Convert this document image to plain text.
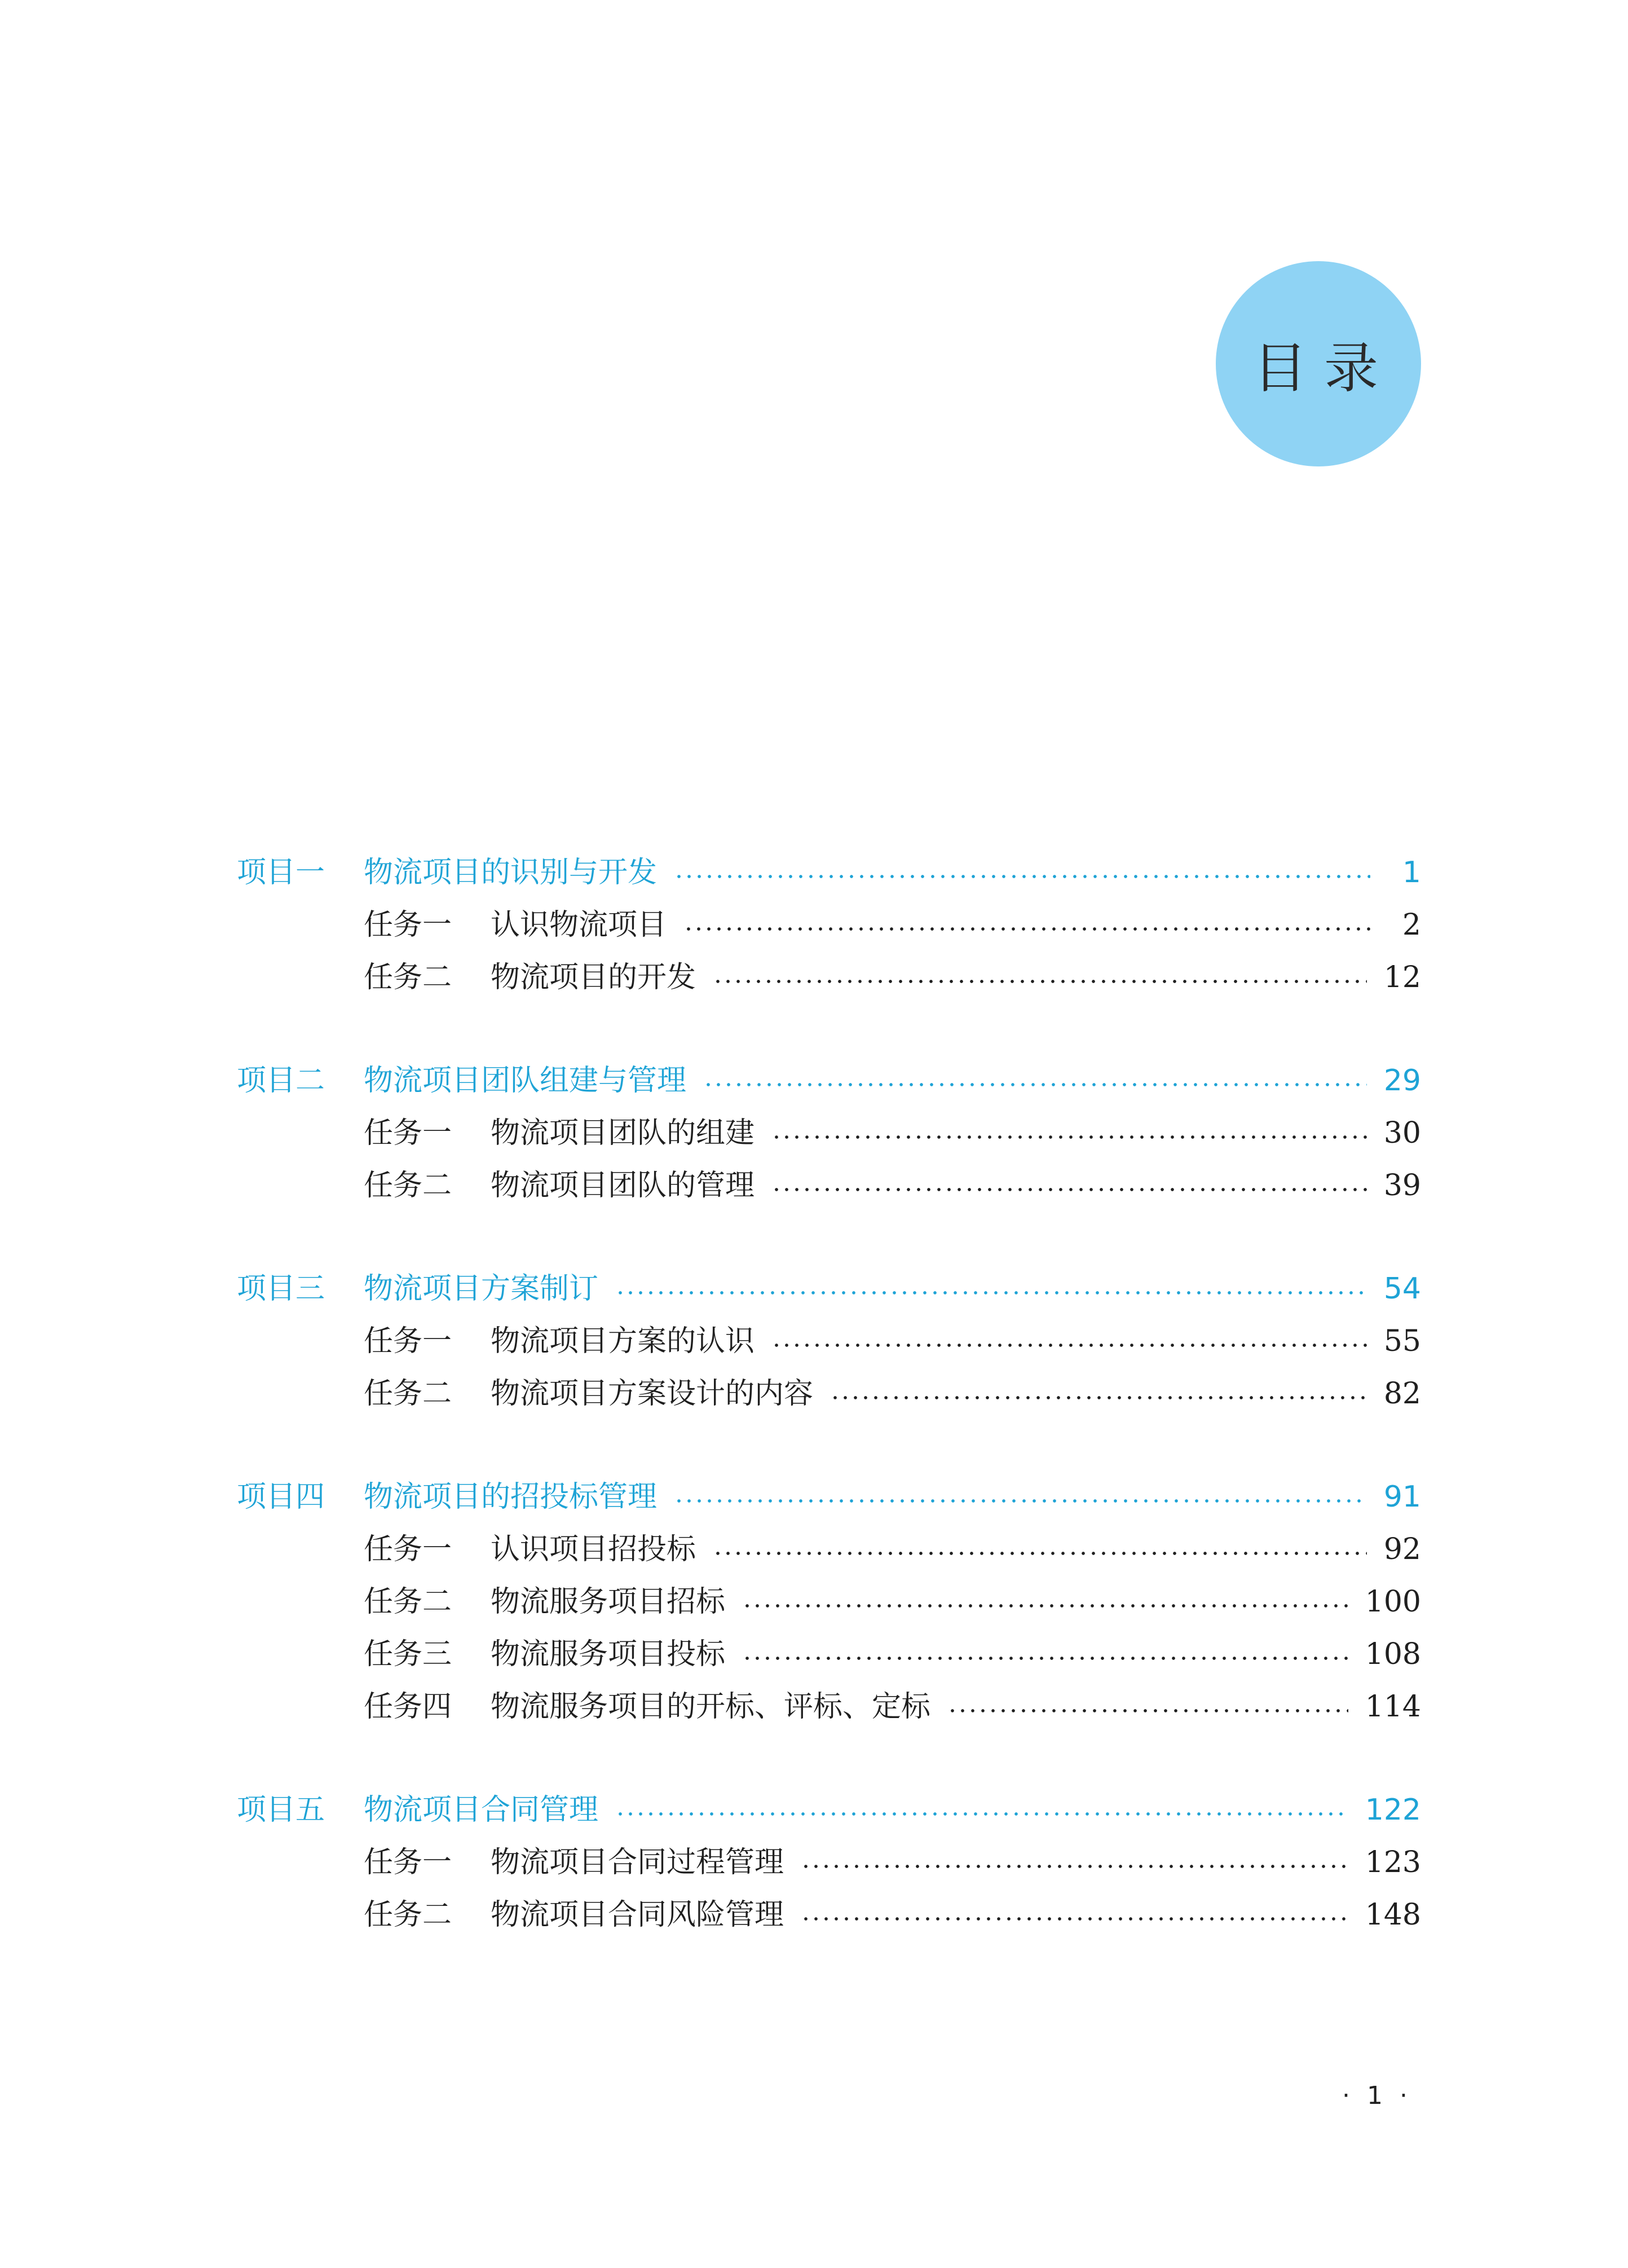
目录
项目一	物流项目的识别与开发	1
任务一	认识物流项目	2
任务二	物流项目的开发	12
项目二	物流项目团队组建与管理	29
任务一	物流项目团队的组建	30
任务二	物流项目团队的管理	39
项目三	物流项目方案制订	54
任务一	物流项目方案的认识	55
任务二	物流项目方案设计的内容	82
项目四	物流项目的招投标管理	91
任务一	认识项目招投标	92
任务二	物流服务项目招标	100
任务三	物流服务项目投标	108
任务四	物流服务项目的开标、评标、定标	114
项目五	物流项目合同管理	122
任务一	物流项目合同过程管理	123
任务二	物流项目合同风险管理	148
· 1 ·
